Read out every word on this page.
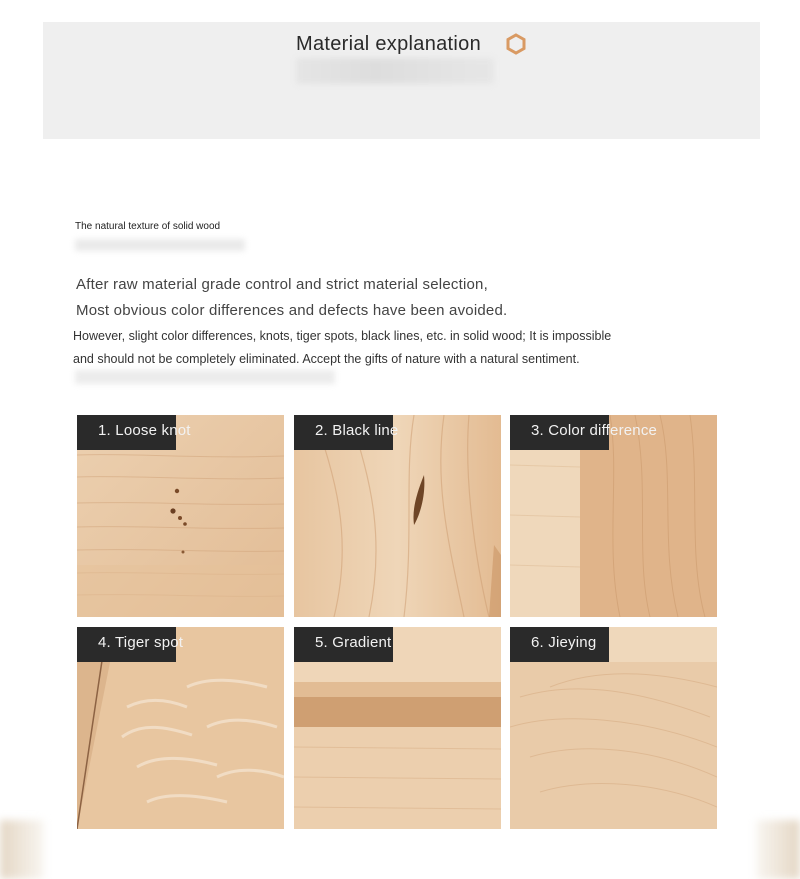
Material explanation
The natural texture of solid wood
After raw material grade control and strict material selection,
Most obvious color differences and defects have been avoided.
However, slight color differences, knots, tiger spots, black lines, etc. in solid wood; It is impossible
and should not be completely eliminated. Accept the gifts of nature with a natural sentiment.
1. Loose knot	2. Black line	3. Color difference
4. Tiger spot	5. Gradient	6. Jieying
